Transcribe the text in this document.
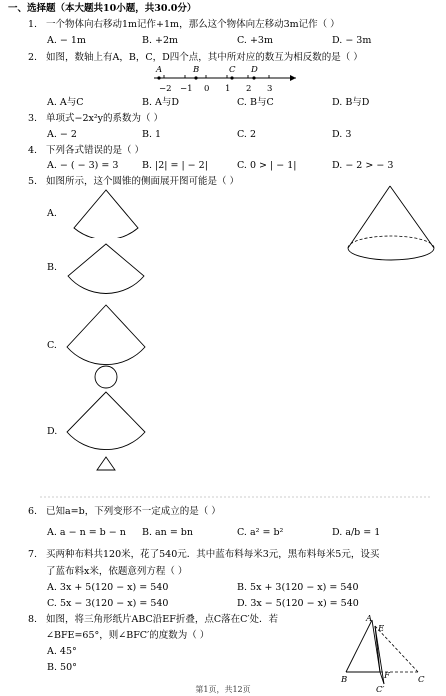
一、选择题（本大题共10小题，共30.0分）
1. 一个物体向右移动1m记作+1m，那么这个物体向左移动3m记作（ ）
A. − 1m	B. +2m	C. +3m	D. − 3m
2. 如图，数轴上有A，B，C，D四个点，其中所对应的数互为相反数的是（ ）
A	B	C D
−2 −1 0 1 2 3
A. A与C	B. A与D	C. B与C	D. B与D
3. 单项式−2x²y的系数为（ ）
A. − 2	B. 1	C. 2	D. 3
4. 下列各式错误的是（ ）
A. − ( − 3) = 3 B. |2| = | − 2|	C. 0 > | − 1|	D. − 2 > − 3
5. 如图所示，这个圆锥的侧面展开图可能是（ ）
A.
B.
C.
D.
6. 已知a=b，下列变形不一定成立的是（ ）
A. a − n = b − n B. an = bn	C. a² = b²	D. a/b = 1
7. 买两种布料共120米，花了540元．其中蓝布料每米3元，黑布料每米5元，设买
了蓝布料x米，依题意列方程（ ）
A. 3x + 5(120 − x) = 540	B. 5x + 3(120 − x) = 540
C. 5x − 3(120 − x) = 540	D. 3x − 5(120 − x) = 540
8. 如图，将三角形纸片ABC沿EF折叠，点C落在C′处．若
∠BFE=65°，则∠BFC′的度数为（ ）
A. 45°
B. 50°
A
E
B	F	C
C′
第1页，共12页
